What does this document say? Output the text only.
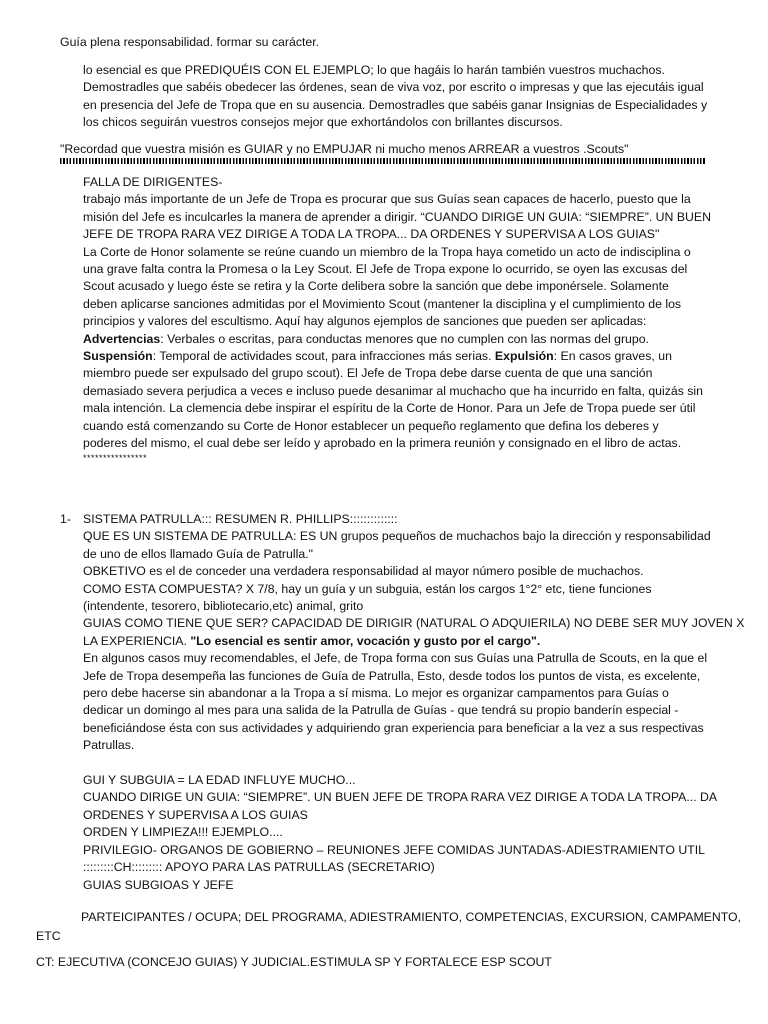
Guía plena responsabilidad. formar su carácter.
lo esencial es que PREDIQUÉIS CON EL EJEMPLO; lo que hagáis lo harán también vuestros muchachos.
Demostradles que sabéis obedecer las órdenes, sean de viva voz, por escrito o impresas y que las ejecutáis igual
en presencia del Jefe de Tropa que en su ausencia. Demostradles que sabéis ganar Insignias de Especialidades y
los chicos seguirán vuestros consejos mejor que exhortándolos con brillantes discursos.
"Recordad que vuestra misión es GUIAR y no EMPUJAR ni mucho menos ARREAR a vuestros .Scouts"
FALLA DE DIRIGENTES-
trabajo más importante de un Jefe de Tropa es procurar que sus Guías sean capaces de hacerlo, puesto que la
misión del Jefe es inculcarles la manera de aprender a dirigir. “CUANDO DIRIGE UN GUIA: “SIEMPRE”. UN BUEN
JEFE DE TROPA RARA VEZ DIRIGE A TODA LA TROPA... DA ORDENES Y SUPERVISA A LOS GUIAS"
La Corte de Honor solamente se reúne cuando un miembro de la Tropa haya cometido un acto de indisciplina o
una grave falta contra la Promesa o la Ley Scout. El Jefe de Tropa expone lo ocurrido, se oyen las excusas del
Scout acusado y luego éste se retira y la Corte delibera sobre la sanción que debe imponérsele. Solamente
deben aplicarse sanciones admitidas por el Movimiento Scout (mantener la disciplina y el cumplimiento de los
principios y valores del escultismo. Aquí hay algunos ejemplos de sanciones que pueden ser aplicadas:
Advertencias: Verbales o escritas, para conductas menores que no cumplen con las normas del grupo.
Suspensión: Temporal de actividades scout, para infracciones más serias. Expulsión: En casos graves, un
miembro puede ser expulsado del grupo scout). El Jefe de Tropa debe darse cuenta de que una sanción
demasiado severa perjudica a veces e incluso puede desanimar al muchacho que ha incurrido en falta, quizás sin
mala intención. La clemencia debe inspirar el espíritu de la Corte de Honor. Para un Jefe de Tropa puede ser útil
cuando está comenzando su Corte de Honor establecer un pequeño reglamento que defina los deberes y
poderes del mismo, el cual debe ser leído y aprobado en la primera reunión y consignado en el libro de actas.
****************
1- SISTEMA PATRULLA::: RESUMEN R. PHILLIPS::::::::::::::
QUE ES UN SISTEMA DE PATRULLA: ES UN grupos pequeños de muchachos bajo la dirección y responsabilidad
de uno de ellos llamado Guía de Patrulla."
OBKETIVO es el de conceder una verdadera responsabilidad al mayor número posible de muchachos.
COMO ESTA COMPUESTA? X 7/8, hay un guía y un subguia, están los cargos 1°2° etc, tiene funciones
(intendente, tesorero, bibliotecario,etc) animal, grito
GUIAS COMO TIENE QUE SER? CAPACIDAD DE DIRIGIR (NATURAL O ADQUIERILA) NO DEBE SER MUY JOVEN X
LA EXPERIENCIA. "Lo esencial es sentir amor, vocación y gusto por el cargo".
En algunos casos muy recomendables, el Jefe, de Tropa forma con sus Guías una Patrulla de Scouts, en la que el
Jefe de Tropa desempeña las funciones de Guía de Patrulla, Esto, desde todos los puntos de vista, es excelente,
pero debe hacerse sin abandonar a la Tropa a sí misma. Lo mejor es organizar campamentos para Guías o
dedicar un domingo al mes para una salida de la Patrulla de Guías - que tendrá su propio banderín especial -
beneficiándose ésta con sus actividades y adquiriendo gran experiencia para beneficiar a la vez a sus respectivas
Patrullas.
GUI Y SUBGUIA = LA EDAD INFLUYE MUCHO...
CUANDO DIRIGE UN GUIA: “SIEMPRE”. UN BUEN JEFE DE TROPA RARA VEZ DIRIGE A TODA LA TROPA... DA
ORDENES Y SUPERVISA A LOS GUIAS
ORDEN Y LIMPIEZA!!! EJEMPLO....
PRIVILEGIO- ORGANOS DE GOBIERNO – REUNIONES JEFE COMIDAS JUNTADAS-ADIESTRAMIENTO UTIL
:::::::::CH::::::::: APOYO PARA LAS PATRULLAS (SECRETARIO)
GUIAS SUBGIOAS Y JEFE
PARTEICIPANTES / OCUPA; DEL PROGRAMA, ADIESTRAMIENTO, COMPETENCIAS, EXCURSION, CAMPAMENTO,
ETC
CT: EJECUTIVA (CONCEJO GUIAS) Y JUDICIAL.ESTIMULA SP Y FORTALECE ESP SCOUT
